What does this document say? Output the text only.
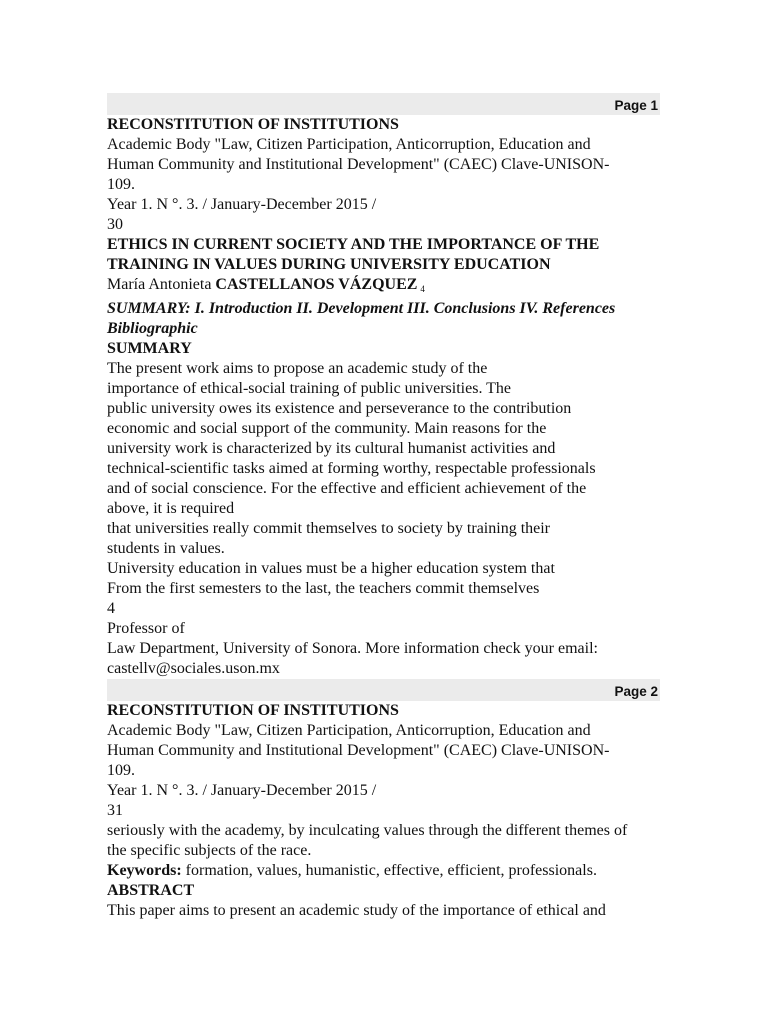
Page 1
RECONSTITUTION OF INSTITUTIONS
Academic Body "Law, Citizen Participation, Anticorruption, Education and
Human Community and Institutional Development" (CAEC) Clave-UNISON-
109.
Year 1. N °. 3. / January-December 2015 /
30
ETHICS IN CURRENT SOCIETY AND THE IMPORTANCE OF THE
TRAINING IN VALUES DURING UNIVERSITY EDUCATION
María Antonieta CASTELLANOS VÁZQUEZ $_4$
SUMMARY: I. Introduction II. Development III. Conclusions IV. References
Bibliographic
SUMMARY
The present work aims to propose an academic study of the
importance of ethical-social training of public universities. The
public university owes its existence and perseverance to the contribution
economic and social support of the community. Main reasons for the
university work is characterized by its cultural humanist activities and
technical-scientific tasks aimed at forming worthy, respectable professionals
and of social conscience. For the effective and efficient achievement of the
above, it is required
that universities really commit themselves to society by training their
students in values.
University education in values must be a higher education system that
From the first semesters to the last, the teachers commit themselves
4
Professor of
Law Department, University of Sonora. More information check your email:
castellv@sociales.uson.mx
Page 2
RECONSTITUTION OF INSTITUTIONS
Academic Body "Law, Citizen Participation, Anticorruption, Education and
Human Community and Institutional Development" (CAEC) Clave-UNISON-
109.
Year 1. N °. 3. / January-December 2015 /
31
seriously with the academy, by inculcating values through the different themes of
the specific subjects of the race.
Keywords: formation, values, humanistic, effective, efficient, professionals.
ABSTRACT
This paper aims to present an academic study of the importance of ethical and
